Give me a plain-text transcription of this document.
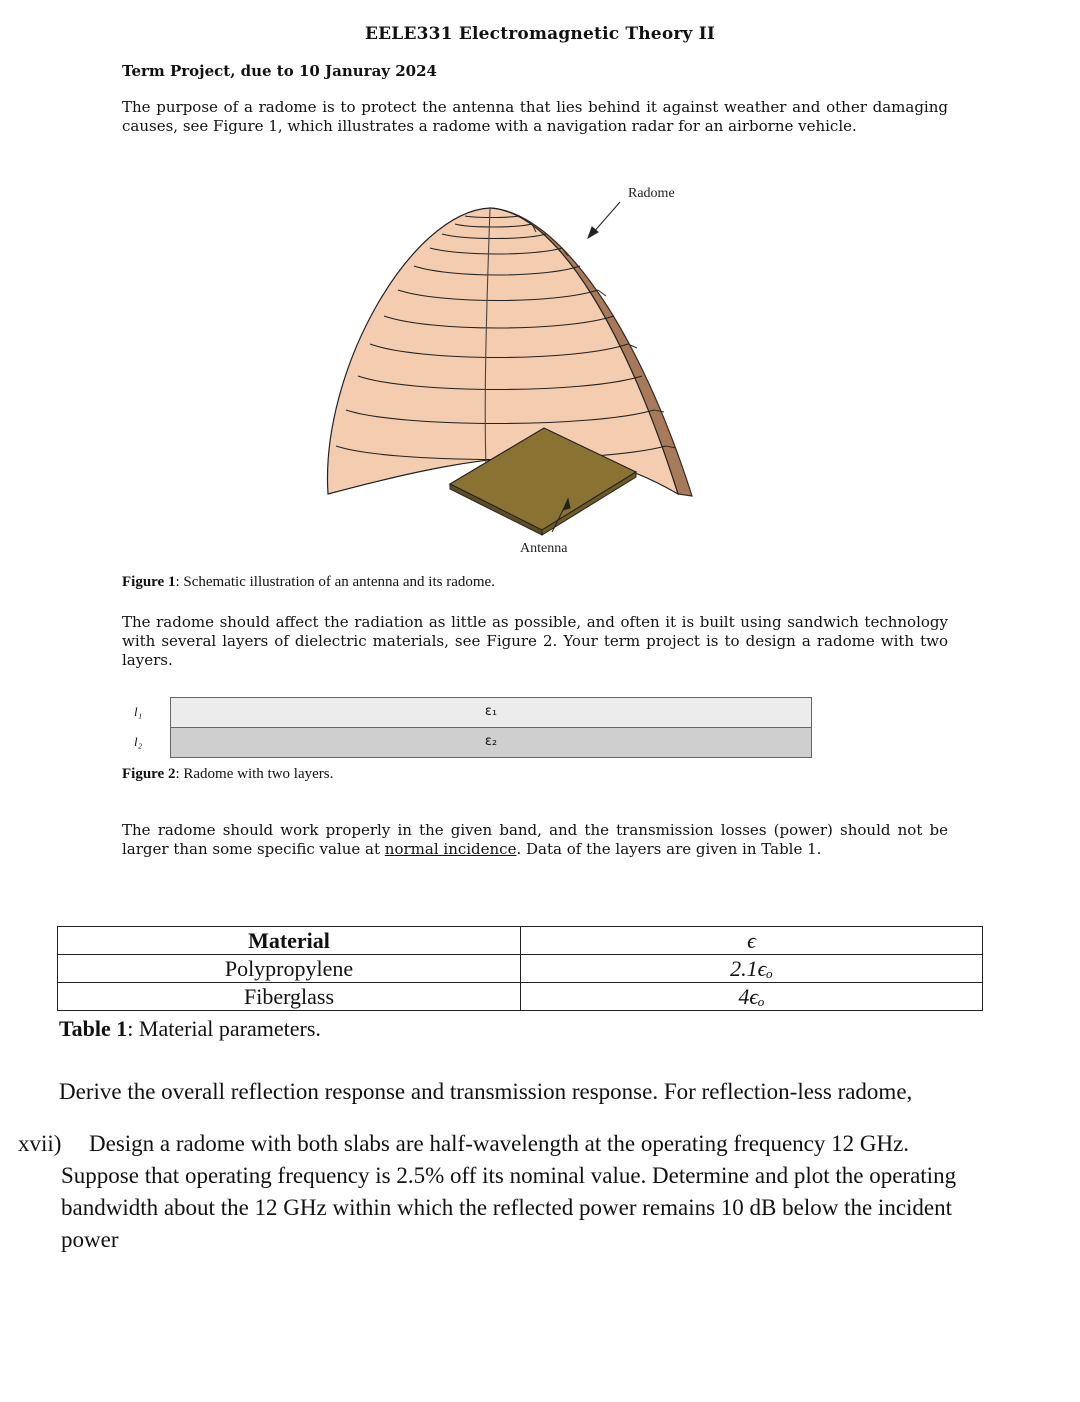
EELE331 Electromagnetic Theory II
Term Project, due to 10 Januray 2024
The purpose of a radome is to protect the antenna that lies behind it against weather and other damaging causes, see Figure 1, which illustrates a radome with a navigation radar for an airborne vehicle.
Radome
Antenna
Figure 1: Schematic illustration of an antenna and its radome.
The radome should affect the radiation as little as possible, and often it is built using sandwich technology with several layers of dielectric materials, see Figure 2. Your term project is to design a radome with two layers.
l₁
l₂
ε₁
ε₂
Figure 2: Radome with two layers.
The radome should work properly in the given band, and the transmission losses (power) should not be larger than some specific value at normal incidence. Data of the layers are given in Table 1.
Material	ϵ
Polypropylene	2.1ϵₒ
Fiberglass	4ϵₒ
Table 1: Material parameters.
Derive the overall reflection response and transmission response. For reflection-less radome,
xvii) Design a radome with both slabs are half-wavelength at the operating frequency 12 GHz.
Suppose that operating frequency is 2.5% off its nominal value. Determine and plot the operating bandwidth about the 12 GHz within which the reflected power remains 10 dB below the incident power
